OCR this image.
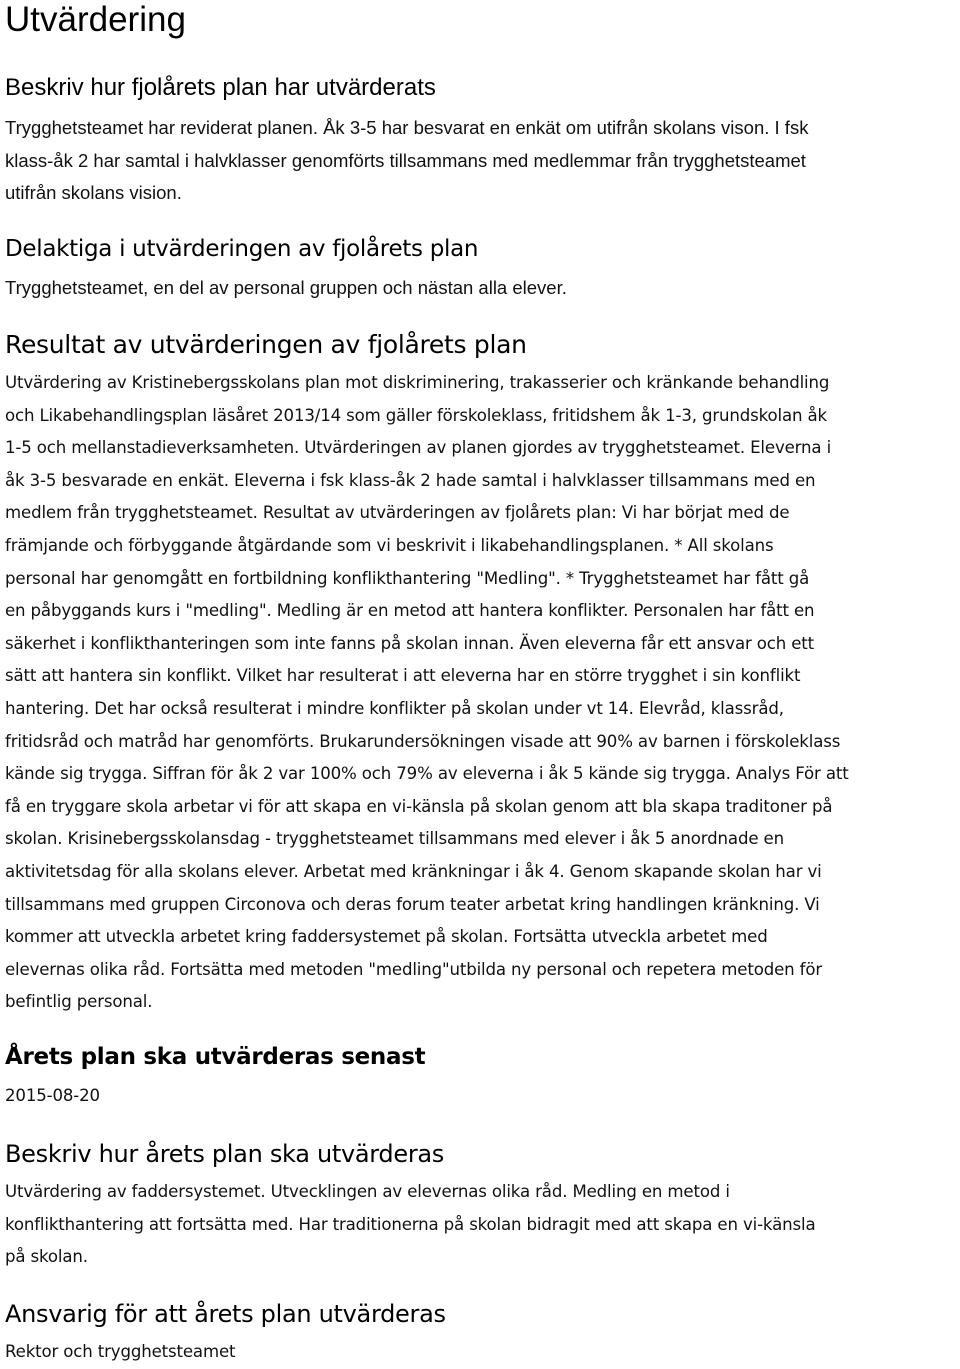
Utvärdering
Beskriv hur fjolårets plan har utvärderats

Trygghetsteamet har reviderat planen. Åk 3-5 har besvarat en enkät om utifrån skolans vison. I fsk
klass-åk 2 har samtal i halvklasser genomförts tillsammans med medlemmar från trygghetsteamet
utifrån skolans vision.

Delaktiga i utvärderingen av fjolårets plan

Trygghetsteamet, en del av personal gruppen och nästan alla elever.

Resultat av utvärderingen av fjolårets plan

Utvärdering av Kristinebergsskolans plan mot diskriminering, trakasserier och kränkande behandling
och Likabehandlingsplan läsåret 2013/14 som gäller förskoleklass, fritidshem åk 1-3, grundskolan åk
1-5 och mellanstadieverksamheten. Utvärderingen av planen gjordes av trygghetsteamet. Eleverna i
åk 3-5 besvarade en enkät. Eleverna i fsk klass-åk 2 hade samtal i halvklasser tillsammans med en
medlem från trygghetsteamet. Resultat av utvärderingen av fjolårets plan: Vi har börjat med de
främjande och förbyggande åtgärdande som vi beskrivit i likabehandlingsplanen. * All skolans
personal har genomgått en fortbildning konflikthantering "Medling". * Trygghetsteamet har fått gå
en påbyggands kurs i "medling". Medling är en metod att hantera konflikter. Personalen har fått en
säkerhet i konflikthanteringen som inte fanns på skolan innan. Även eleverna får ett ansvar och ett
sätt att hantera sin konflikt. Vilket har resulterat i att eleverna har en större trygghet i sin konflikt
hantering. Det har också resulterat i mindre konflikter på skolan under vt 14. Elevråd, klassråd,
fritidsråd och matråd har genomförts. Brukarundersökningen visade att 90% av barnen i förskoleklass
kände sig trygga. Siffran för åk 2 var 100% och 79% av eleverna i åk 5 kände sig trygga. Analys För att
få en tryggare skola arbetar vi för att skapa en vi-känsla på skolan genom att bla skapa traditoner på
skolan. Krisinebergsskolansdag - trygghetsteamet tillsammans med elever i åk 5 anordnade en
aktivitetsdag för alla skolans elever. Arbetat med kränkningar i åk 4. Genom skapande skolan har vi
tillsammans med gruppen Circonova och deras forum teater arbetat kring handlingen kränkning. Vi
kommer att utveckla arbetet kring faddersystemet på skolan. Fortsätta utveckla arbetet med
elevernas olika råd. Fortsätta med metoden "medling"utbilda ny personal och repetera metoden för
befintlig personal.

Årets plan ska utvärderas senast

2015-08-20

Beskriv hur årets plan ska utvärderas

Utvärdering av faddersystemet. Utvecklingen av elevernas olika råd. Medling en metod i
konflikthantering att fortsätta med. Har traditionerna på skolan bidragit med att skapa en vi-känsla
på skolan.

Ansvarig för att årets plan utvärderas

Rektor och trygghetsteamet
